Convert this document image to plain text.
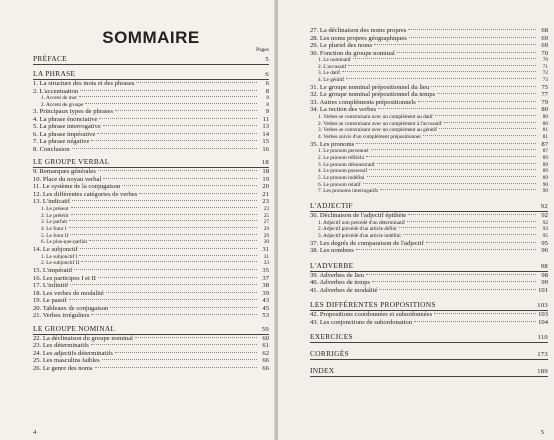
SOMMAIRE
Pages
PRÉFACE	5
LA PHRASE	6
1. La structure des mots et des phrases	6
2. L'accentuation	8
1. Accent de mot	8
2. Accent de groupe	8
3. Principaux types de phrases	9
4. La phrase énonciative	11
5. La phrase interrogative	13
6. La phrase impérative	14
7. La phrase négative	15
8. Conclusion	16
LE GROUPE VERBAL	18
9. Remarques générales	18
10. Place du noyau verbal	19
11. Le système de la conjugaison	20
12. Les différentes catégories de verbes	21
13. L'indicatif	23
1. Le présent	23
2. Le prétérit	25
3. Le parfait	27
4. Le futur I	29
5. Le futur II	29
6. Le plus-que-parfait	30
14. Le subjonctif	31
1. Le subjonctif I	31
2. Le subjonctif II	33
15. L'impératif	35
16. Les participes I et II	37
17. L'infinitif	38
18. Les verbes de modalité	39
19. Le passif	43
20. Tableaux de conjugaison	45
21. Verbes irréguliers	53
LE GROUPE NOMINAL	59
22. La déclinaison du groupe nominal	60
23. Les déterminatifs	61
24. Les adjectifs déterminatifs	62
25. Les masculins faibles	66
26. Le genre des noms	66
4
27. La déclinaison des noms propres	68
28. Les noms propres géographiques	69
29. Le pluriel des noms	69
30. Fonction du groupe nominal	70
1. Le nominatif	70
2. L'accusatif	71
3. Le datif	72
4. Le génitif	73
31. Le groupe nominal prépositionnel du lieu	75
32. Le groupe nominal prépositionnel du temps	77
33. Autres compléments prépositionnels	79
34. La rection des verbes	80
1. Verbes se construisant avec un complément au datif	80
2. Verbes se construisant avec un complément à l'accusatif	80
3. Verbes se construisant avec un complément au génitif	81
4. Verbes suivis d'un complément prépositionnel	81
35. Les pronoms	87
1. Le pronom personnel	87
2. Le pronom réfléchi	89
3. Le pronom démonstratif	89
4. Le pronom possessif	89
5. Le pronom indéfini	89
6. Le pronom relatif	90
7. Les pronoms interrogatifs	90
L'ADJECTIF	92
36. Déclinaison de l'adjectif épithète	92
1. Adjectif non précédé d'un déterminatif	92
2. Adjectif précédé d'un article défini	93
3. Adjectif précédé d'un article indéfini	95
37. Les degrés de comparaison de l'adjectif	95
38. Les nombres	96
L'ADVERBE	98
39. Adverbes de lieu	98
40. Adverbes de temps	99
41. Adverbes de modalité	101
LES DIFFÉRENTES PROPOSITIONS	103
42. Propositions coordonnées et subordonnées	103
43. Les conjonctions de subordonation	104
EXERCICES	110
CORRIGÉS	173
INDEX	189
5
